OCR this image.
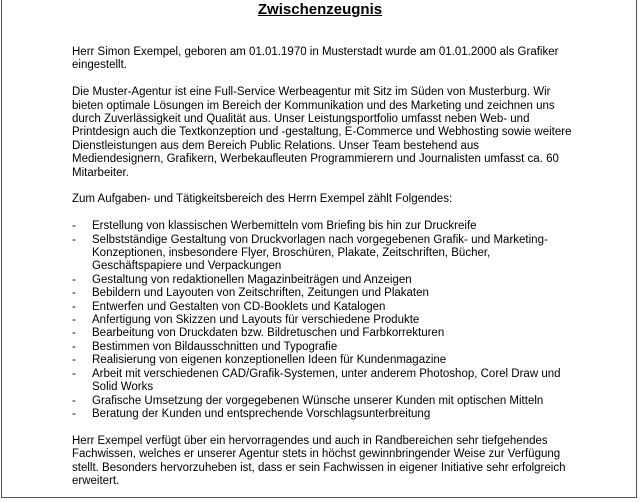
Zwischenzeugnis

Herr Simon Exempel, geboren am 01.01.1970 in Musterstadt wurde am 01.01.2000 als Grafiker eingestellt.

Die Muster-Agentur ist eine Full-Service Werbeagentur mit Sitz im Süden von Musterburg. Wir bieten optimale Lösungen im Bereich der Kommunikation und des Marketing und zeichnen uns durch Zuverlässigkeit und Qualität aus. Unser Leistungsportfolio umfasst neben Web- und Printdesign auch die Textkonzeption und -gestaltung, E-Commerce und Webhosting sowie weitere Dienstleistungen aus dem Bereich Public Relations. Unser Team bestehend aus Mediendesignern, Grafikern, Werbekaufleuten Programmierern und Journalisten umfasst ca. 60 Mitarbeiter.

Zum Aufgaben- und Tätigkeitsbereich des Herrn Exempel zählt Folgendes:

- Erstellung von klassischen Werbemitteln vom Briefing bis hin zur Druckreife
- Selbstständige Gestaltung von Druckvorlagen nach vorgegebenen Grafik- und Marketing-Konzeptionen, insbesondere Flyer, Broschüren, Plakate, Zeitschriften, Bücher, Geschäftspapiere und Verpackungen
- Gestaltung von redaktionellen Magazinbeiträgen und Anzeigen
- Bebildern und Layouten von Zeitschriften, Zeitungen und Plakaten
- Entwerfen und Gestalten von CD-Booklets und Katalogen
- Anfertigung von Skizzen und Layouts für verschiedene Produkte
- Bearbeitung von Druckdaten bzw. Bildretuschen und Farbkorrekturen
- Bestimmen von Bildausschnitten und Typografie
- Realisierung von eigenen konzeptionellen Ideen für Kundenmagazine
- Arbeit mit verschiedenen CAD/Grafik-Systemen, unter anderem Photoshop, Corel Draw und Solid Works
- Grafische Umsetzung der vorgegebenen Wünsche unserer Kunden mit optischen Mitteln
- Beratung der Kunden und entsprechende Vorschlagsunterbreitung

Herr Exempel verfügt über ein hervorragendes und auch in Randbereichen sehr tiefgehendes Fachwissen, welches er unserer Agentur stets in höchst gewinnbringender Weise zur Verfügung stellt. Besonders hervorzuheben ist, dass er sein Fachwissen in eigener Initiative sehr erfolgreich erweitert.
